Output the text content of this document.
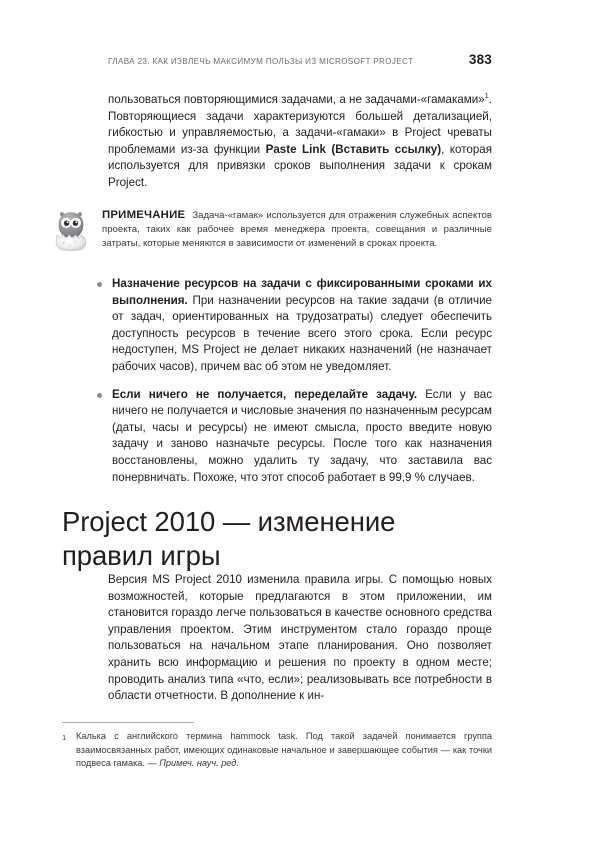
ГЛАВА 23. КАК ИЗВЛЕЧЬ МАКСИМУМ ПОЛЬЗЫ ИЗ MICROSOFT PROJECT	383

пользоваться повторяющимися задачами, а не задачами-«гамаками»$^1$. Повторяющиеся задачи характеризуются большей детализацией, гибкостью и управляемостью, а задачи-«гамаки» в Project чреваты проблемами из-за функции Paste Link (Вставить ссылку), которая используется для привязки сроков выполнения задачи к срокам Project.

ПРИМЕЧАНИЕ Задача-«гамак» используется для отражения служебных аспектов проекта, таких как рабочее время менеджера проекта, совещания и различные затраты, которые меняются в зависимости от изменений в сроках проекта.
Назначение ресурсов на задачи с фиксированными сроками их выполнения. При назначении ресурсов на такие задачи (в отличие от задач, ориентированных на трудозатраты) следует обеспечить доступность ресурсов в течение всего этого срока. Если ресурс недоступен, MS Project не делает никаких назначений (не назначает рабочих часов), причем вас об этом не уведомляет.
Если ничего не получается, переделайте задачу. Если у вас ничего не получается и числовые значения по назначенным ресурсам (даты, часы и ресурсы) не имеют смысла, просто введите новую задачу и заново назначьте ресурсы. После того как назначения восстановлены, можно удалить ту задачу, что заставила вас понервничать. Похоже, что этот способ работает в 99,9 % случаев.
Project 2010 — изменение
правил игры

Версия MS Project 2010 изменила правила игры. С помощью новых возможностей, которые предлагаются в этом приложении, им становится гораздо легче пользоваться в качестве основного средства управления проектом. Этим инструментом стало гораздо проще пользоваться на начальном этапе планирования. Оно позволяет хранить всю информацию и решения по проекту в одном месте; проводить анализ типа «что, если»; реализовывать все потребности в области отчетности. В дополнение к ин-

1	Калька с английского термина hammock task. Под такой задачей понимается группа взаимосвязанных работ, имеющих одинаковые начальное и завершающее события — как точки подвеса гамака. — Примеч. науч. ред.
